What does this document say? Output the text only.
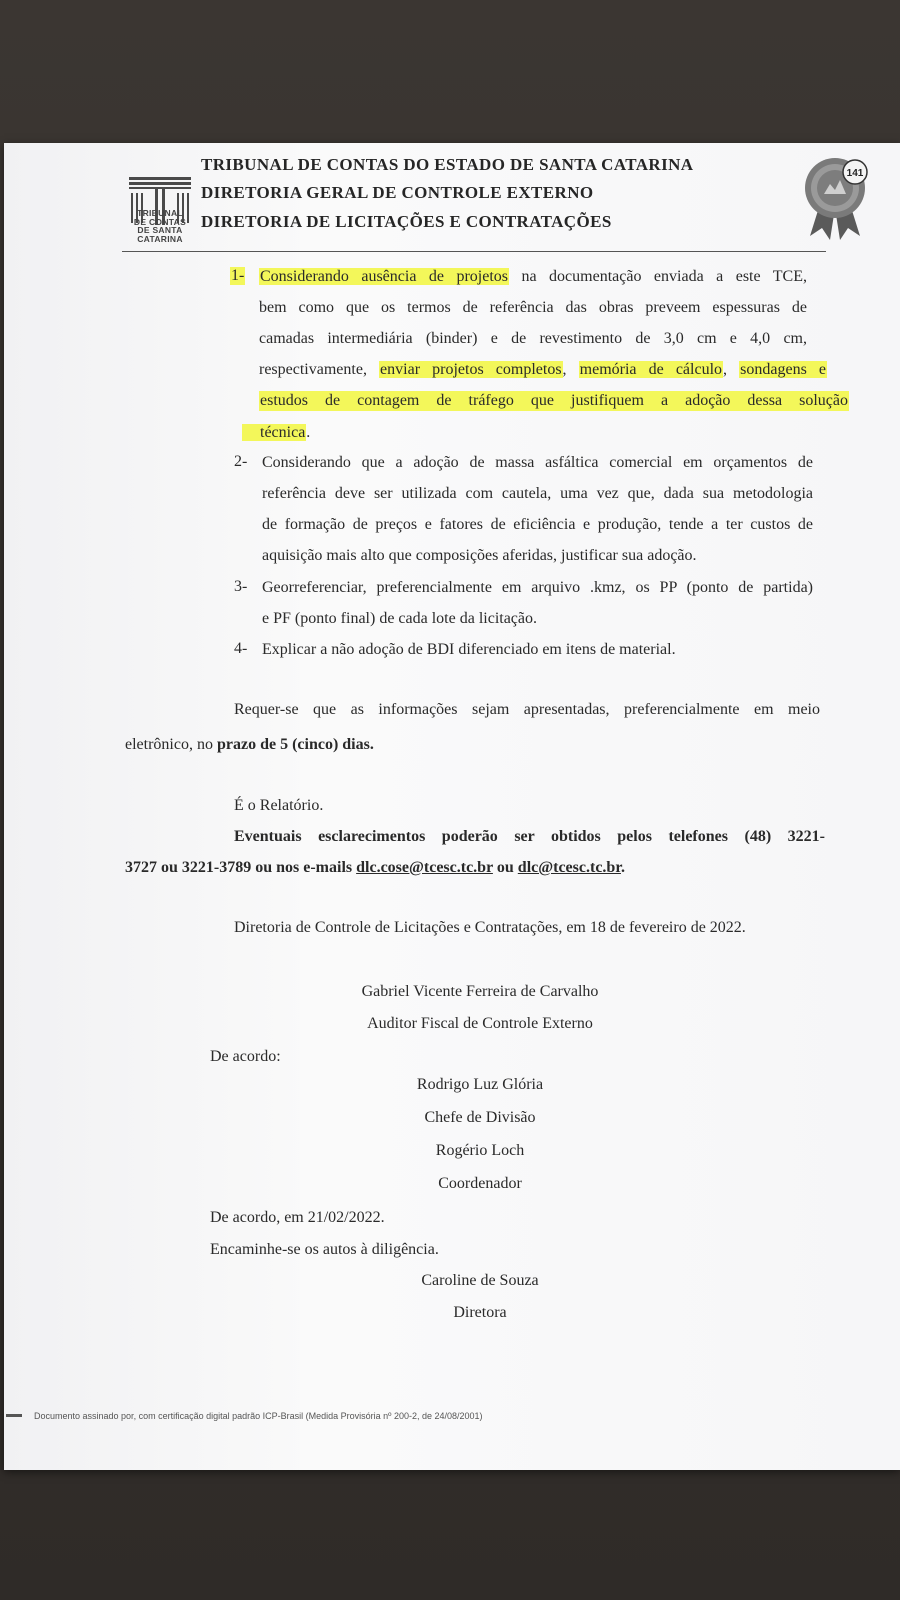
TRIBUNAL
DE CONTAS
DE SANTA
CATARINA
TRIBUNAL DE CONTAS DO ESTADO DE SANTA CATARINA
DIRETORIA GERAL DE CONTROLE EXTERNO
DIRETORIA DE LICITAÇÕES E CONTRATAÇÕES
141
1- Considerando ausência de projetos na documentação enviada a este TCE,
bem como que os termos de referência das obras preveem espessuras de
camadas intermediária (binder) e de revestimento de 3,0 cm e 4,0 cm,
respectivamente, enviar projetos completos, memória de cálculo, sondagens e
estudos de contagem de tráfego que justifiquem a adoção dessa solução
técnica.
2- Considerando que a adoção de massa asfáltica comercial em orçamentos de
referência deve ser utilizada com cautela, uma vez que, dada sua metodologia
de formação de preços e fatores de eficiência e produção, tende a ter custos de
aquisição mais alto que composições aferidas, justificar sua adoção.
3- Georreferenciar, preferencialmente em arquivo .kmz, os PP (ponto de partida)
e PF (ponto final) de cada lote da licitação.
4- Explicar a não adoção de BDI diferenciado em itens de material.
Requer-se que as informações sejam apresentadas, preferencialmente em meio
eletrônico, no prazo de 5 (cinco) dias.
É o Relatório.
Eventuais esclarecimentos poderão ser obtidos pelos telefones (48) 3221-
3727 ou 3221-3789 ou nos e-mails dlc.cose@tcesc.tc.br ou dlc@tcesc.tc.br.
Diretoria de Controle de Licitações e Contratações, em 18 de fevereiro de 2022.
Gabriel Vicente Ferreira de Carvalho
Auditor Fiscal de Controle Externo
De acordo:
Rodrigo Luz Glória
Chefe de Divisão
Rogério Loch
Coordenador
De acordo, em 21/02/2022.
Encaminhe-se os autos à diligência.
Caroline de Souza
Diretora
Documento assinado por, com certificação digital padrão ICP-Brasil (Medida Provisória nº 200-2, de 24/08/2001)
